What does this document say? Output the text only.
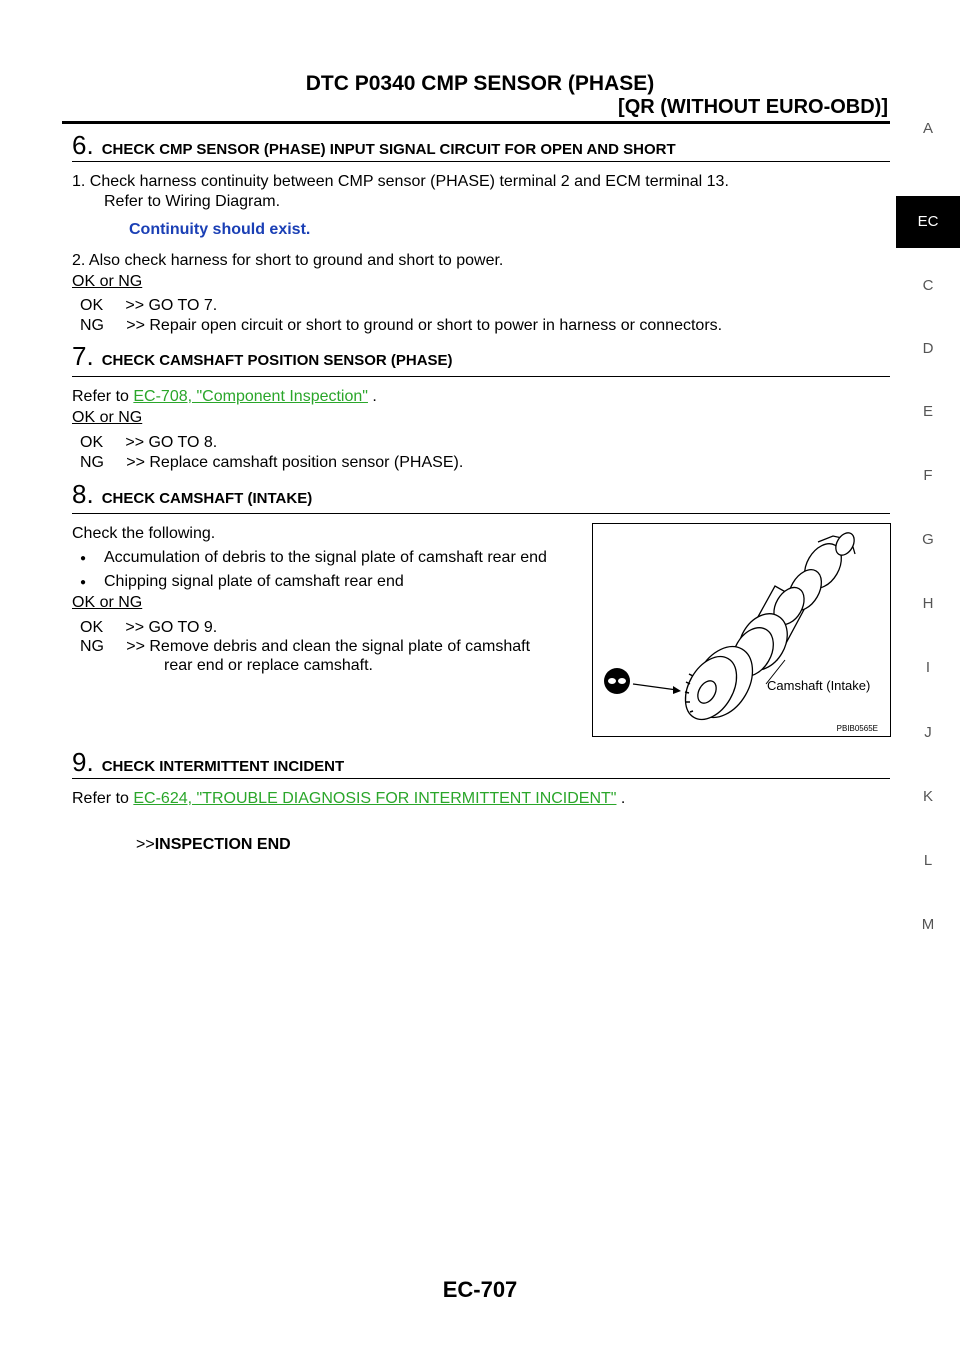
DTC P0340 CMP SENSOR (PHASE)
[QR (WITHOUT EURO-OBD)]
A
EC
C
D
E
F
G
H
I
J
K
L
M
6. CHECK CMP SENSOR (PHASE) INPUT SIGNAL CIRCUIT FOR OPEN AND SHORT
1. Check harness continuity between CMP sensor (PHASE) terminal 2 and ECM terminal 13.
Refer to Wiring Diagram.
Continuity should exist.
2. Also check harness for short to ground and short to power.
OK or NG
OK     >> GO TO 7.
NG     >> Repair open circuit or short to ground or short to power in harness or connectors.
7. CHECK CAMSHAFT POSITION SENSOR (PHASE)
Refer to EC-708, "Component Inspection" .
OK or NG
OK     >> GO TO 8.
NG     >> Replace camshaft position sensor (PHASE).
8. CHECK CAMSHAFT (INTAKE)
Check the following.
● Accumulation of debris to the signal plate of camshaft rear end
● Chipping signal plate of camshaft rear end
OK or NG
OK     >> GO TO 9.
NG     >> Remove debris and clean the signal plate of camshaft
rear end or replace camshaft.
Camshaft (Intake)
PBIB0565E
9. CHECK INTERMITTENT INCIDENT
Refer to EC-624, "TROUBLE DIAGNOSIS FOR INTERMITTENT INCIDENT" .
>>INSPECTION END
EC-707
